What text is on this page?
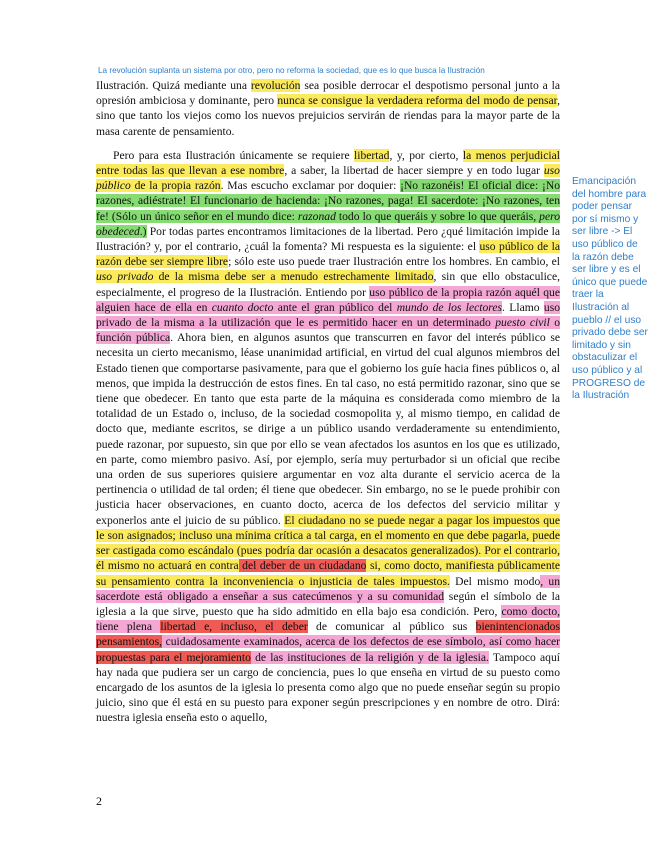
La revolución suplanta un sistema por otro, pero no reforma la sociedad, que es lo que busca la Ilustración

Ilustración. Quizá mediante una revolución sea posible derrocar el despotismo personal junto a la opresión ambiciosa y dominante, pero nunca se consigue la verdadera reforma del modo de pensar, sino que tanto los viejos como los nuevos prejuicios servirán de riendas para la mayor parte de la masa carente de pensamiento.

Pero para esta Ilustración únicamente se requiere libertad, y, por cierto, la menos perjudicial entre todas las que llevan a ese nombre, a saber, la libertad de hacer siempre y en todo lugar uso público de la propia razón. Mas escucho exclamar por doquier: ¡No razonéis! El oficial dice: ¡No razones, adiéstrate! El funcionario de hacienda: ¡No razones, paga! El sacerdote: ¡No razones, ten fe! (Sólo un único señor en el mundo dice: razonad todo lo que queráis y sobre lo que queráis, pero obedeced.) Por todas partes encontramos limitaciones de la libertad. Pero ¿qué limitación impide la Ilustración? y, por el contrario, ¿cuál la fomenta? Mi respuesta es la siguiente: el uso público de la razón debe ser siempre libre; sólo este uso puede traer Ilustración entre los hombres. En cambio, el uso privado de la misma debe ser a menudo estrechamente limitado, sin que ello obstaculice, especialmente, el progreso de la Ilustración. Entiendo por uso público de la propia razón aquél que alguien hace de ella en cuanto docto ante el gran público del mundo de los lectores. Llamo uso privado de la misma a la utilización que le es permitido hacer en un determinado puesto civil o función pública. Ahora bien, en algunos asuntos que transcurren en favor del interés público se necesita un cierto mecanismo, léase unanimidad artificial, en virtud del cual algunos miembros del Estado tienen que comportarse pasivamente, para que el gobierno los guíe hacia fines públicos o, al menos, que impida la destrucción de estos fines. En tal caso, no está permitido razonar, sino que se tiene que obedecer. En tanto que esta parte de la máquina es considerada como miembro de la totalidad de un Estado o, incluso, de la sociedad cosmopolita y, al mismo tiempo, en calidad de docto que, mediante escritos, se dirige a un público usando verdaderamente su entendimiento, puede razonar, por supuesto, sin que por ello se vean afectados los asuntos en los que es utilizado, en parte, como miembro pasivo. Así, por ejemplo, sería muy perturbador si un oficial que recibe una orden de sus superiores quisiere argumentar en voz alta durante el servicio acerca de la pertinencia o utilidad de tal orden; él tiene que obedecer. Sin embargo, no se le puede prohibir con justicia hacer observaciones, en cuanto docto, acerca de los defectos del servicio militar y exponerlos ante el juicio de su público. El ciudadano no se puede negar a pagar los impuestos que le son asignados; incluso una mínima crítica a tal carga, en el momento en que debe pagarla, puede ser castigada como escándalo (pues podría dar ocasión a desacatos generalizados). Por el contrario, él mismo no actuará en contra del deber de un ciudadano si, como docto, manifiesta públicamente su pensamiento contra la inconveniencia o injusticia de tales impuestos. Del mismo modo, un sacerdote está obligado a enseñar a sus catecúmenos y a su comunidad según el símbolo de la iglesia a la que sirve, puesto que ha sido admitido en ella bajo esa condición. Pero, como docto, tiene plena libertad e, incluso, el deber de comunicar al público sus bienintencionados pensamientos, cuidadosamente examinados, acerca de los defectos de ese símbolo, así como hacer propuestas para el mejoramiento de las instituciones de la religión y de la iglesia. Tampoco aquí hay nada que pudiera ser un cargo de conciencia, pues lo que enseña en virtud de su puesto como encargado de los asuntos de la iglesia lo presenta como algo que no puede enseñar según su propio juicio, sino que él está en su puesto para exponer según prescripciones y en nombre de otro. Dirá: nuestra iglesia enseña esto o aquello,

Emancipación del hombre para poder pensar por sí mismo y ser libre -> El uso público de la razón debe ser libre y es el único que puede traer la Ilustración al pueblo // el uso privado debe ser limitado y sin obstaculizar el uso público y al PROGRESO de la Ilustración
2
